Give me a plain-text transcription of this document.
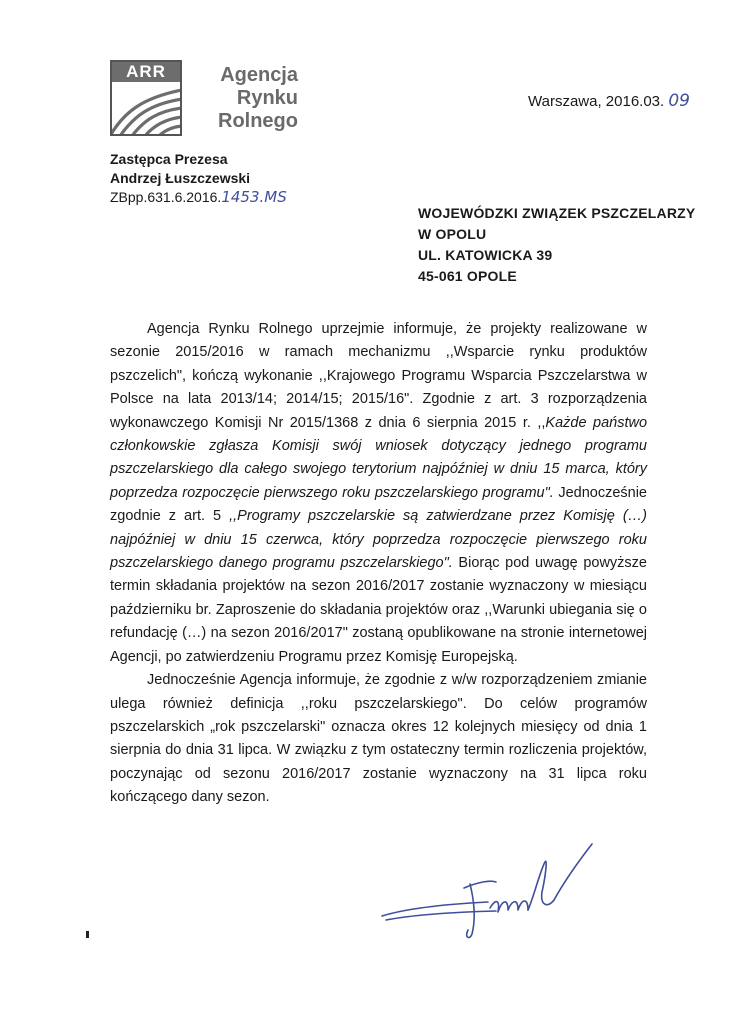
ARR	Agencja
Rynku
Rolnego
Zastępca Prezesa
Andrzej Łuszczewski
ZBpp.631.6.2016.1453.MS
Warszawa, 2016.03. 09
WOJEWÓDZKI ZWIĄZEK PSZCZELARZY
W OPOLU
UL. KATOWICKA 39
45-061 OPOLE

Agencja Rynku Rolnego uprzejmie informuje, że projekty realizowane w sezonie 2015/2016 w ramach mechanizmu ,,Wsparcie rynku produktów pszczelich", kończą wykonanie ,,Krajowego Programu Wsparcia Pszczelarstwa w Polsce na lata 2013/14; 2014/15; 2015/16". Zgodnie z art. 3 rozporządzenia wykonawczego Komisji Nr 2015/1368 z dnia 6 sierpnia 2015 r. ,,Każde państwo członkowskie zgłasza Komisji swój wniosek dotyczący jednego programu pszczelarskiego dla całego swojego terytorium najpóźniej w dniu 15 marca, który poprzedza rozpoczęcie pierwszego roku pszczelarskiego programu". Jednocześnie zgodnie z art. 5 ,,Programy pszczelarskie są zatwierdzane przez Komisję (…) najpóźniej w dniu 15 czerwca, który poprzedza rozpoczęcie pierwszego roku pszczelarskiego danego programu pszczelarskiego". Biorąc pod uwagę powyższe termin składania projektów na sezon 2016/2017 zostanie wyznaczony w miesiącu październiku br. Zaproszenie do składania projektów oraz ,,Warunki ubiegania się o refundację (…) na sezon 2016/2017" zostaną opublikowane na stronie internetowej Agencji, po zatwierdzeniu Programu przez Komisję Europejską.

Jednocześnie Agencja informuje, że zgodnie z w/w rozporządzeniem zmianie ulega również definicja ,,roku pszczelarskiego". Do celów programów pszczelarskich „rok pszczelarski" oznacza okres 12 kolejnych miesięcy od dnia 1 sierpnia do dnia 31 lipca. W związku z tym ostateczny termin rozliczenia projektów, poczynając od sezonu 2016/2017 zostanie wyznaczony na 31 lipca roku kończącego dany sezon.
